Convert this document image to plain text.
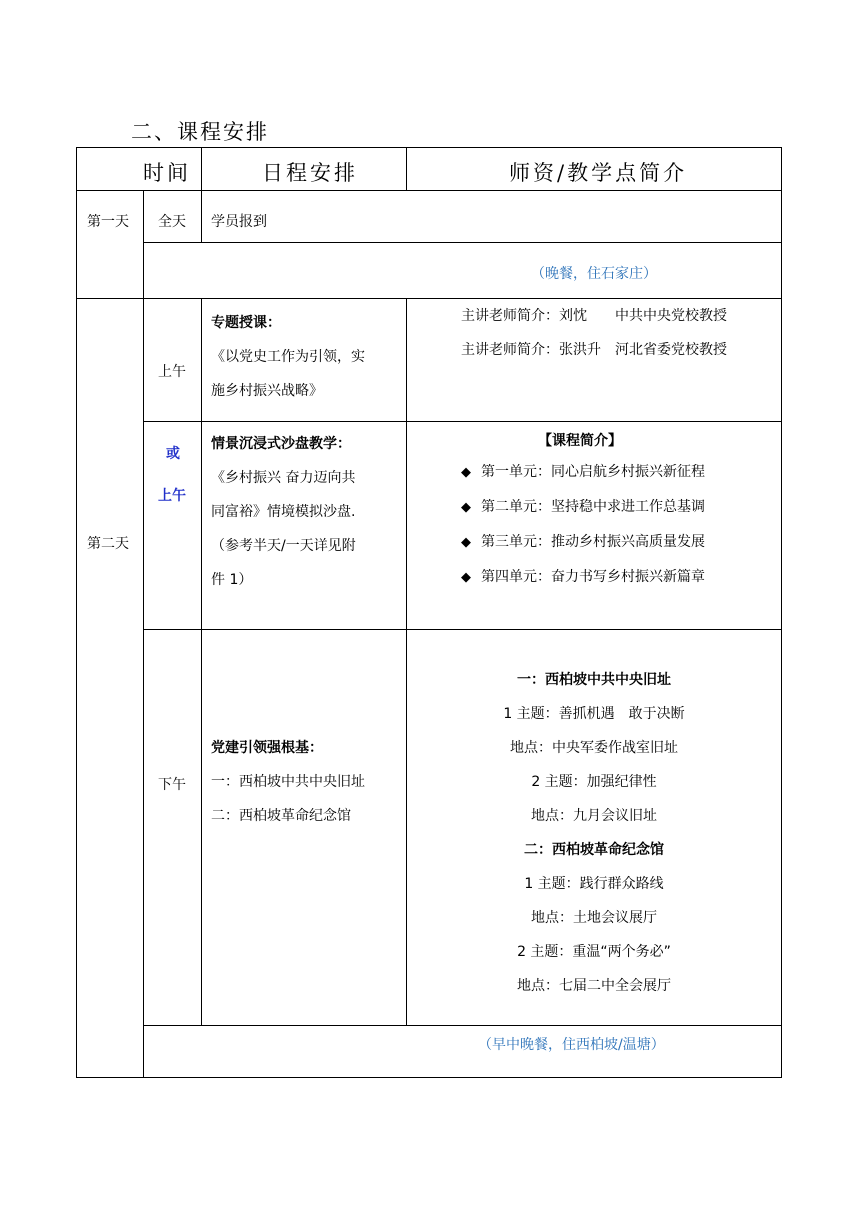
二、课程安排
时间	日程安排	师资/教学点简介
第一天 全天 学员报到
（晚餐，住石家庄）
第二天
上午
专题授课：
《以党史工作为引领，实
施乡村振兴战略》
主讲老师简介：刘忱　　中共中央党校教授
主讲老师简介：张洪升　河北省委党校教授
或
上午
情景沉浸式沙盘教学：
《乡村振兴 奋力迈向共
同富裕》情境模拟沙盘.
（参考半天/一天详见附
件 1）
【课程简介】
◆ 第一单元：同心启航乡村振兴新征程
◆ 第二单元：坚持稳中求进工作总基调
◆ 第三单元：推动乡村振兴高质量发展
◆ 第四单元：奋力书写乡村振兴新篇章
下午
党建引领强根基：
一：西柏坡中共中央旧址
二：西柏坡革命纪念馆
一：西柏坡中共中央旧址
1 主题：善抓机遇　敢于决断
地点：中央军委作战室旧址
2 主题：加强纪律性
地点：九月会议旧址
二：西柏坡革命纪念馆
1 主题：践行群众路线
地点：土地会议展厅
2 主题：重温“两个务必”
地点：七届二中全会展厅
（早中晚餐，住西柏坡/温塘）
